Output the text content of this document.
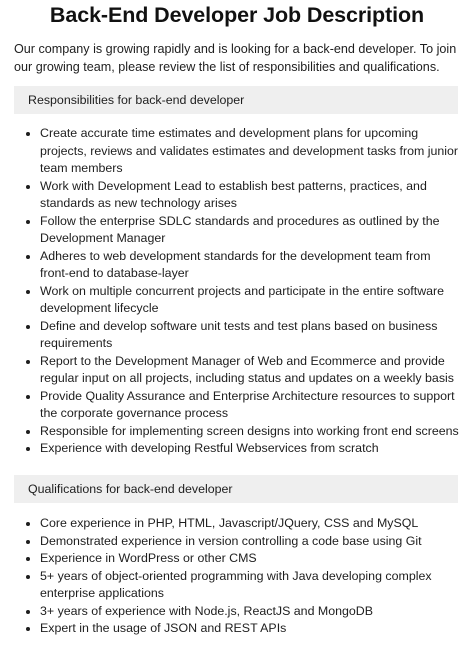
Back-End Developer Job Description

Our company is growing rapidly and is looking for a back-end developer. To join our growing team, please review the list of responsibilities and qualifications.

Responsibilities for back-end developer
Create accurate time estimates and development plans for upcoming projects, reviews and validates estimates and development tasks from junior team members
Work with Development Lead to establish best patterns, practices, and standards as new technology arises
Follow the enterprise SDLC standards and procedures as outlined by the Development Manager
Adheres to web development standards for the development team from front-end to database-layer
Work on multiple concurrent projects and participate in the entire software development lifecycle
Define and develop software unit tests and test plans based on business requirements
Report to the Development Manager of Web and Ecommerce and provide regular input on all projects, including status and updates on a weekly basis
Provide Quality Assurance and Enterprise Architecture resources to support the corporate governance process
Responsible for implementing screen designs into working front end screens
Experience with developing Restful Webservices from scratch
Qualifications for back-end developer
Core experience in PHP, HTML, Javascript/JQuery, CSS and MySQL
Demonstrated experience in version controlling a code base using Git
Experience in WordPress or other CMS
5+ years of object-oriented programming with Java developing complex enterprise applications
3+ years of experience with Node.js, ReactJS and MongoDB
Expert in the usage of JSON and REST APIs
